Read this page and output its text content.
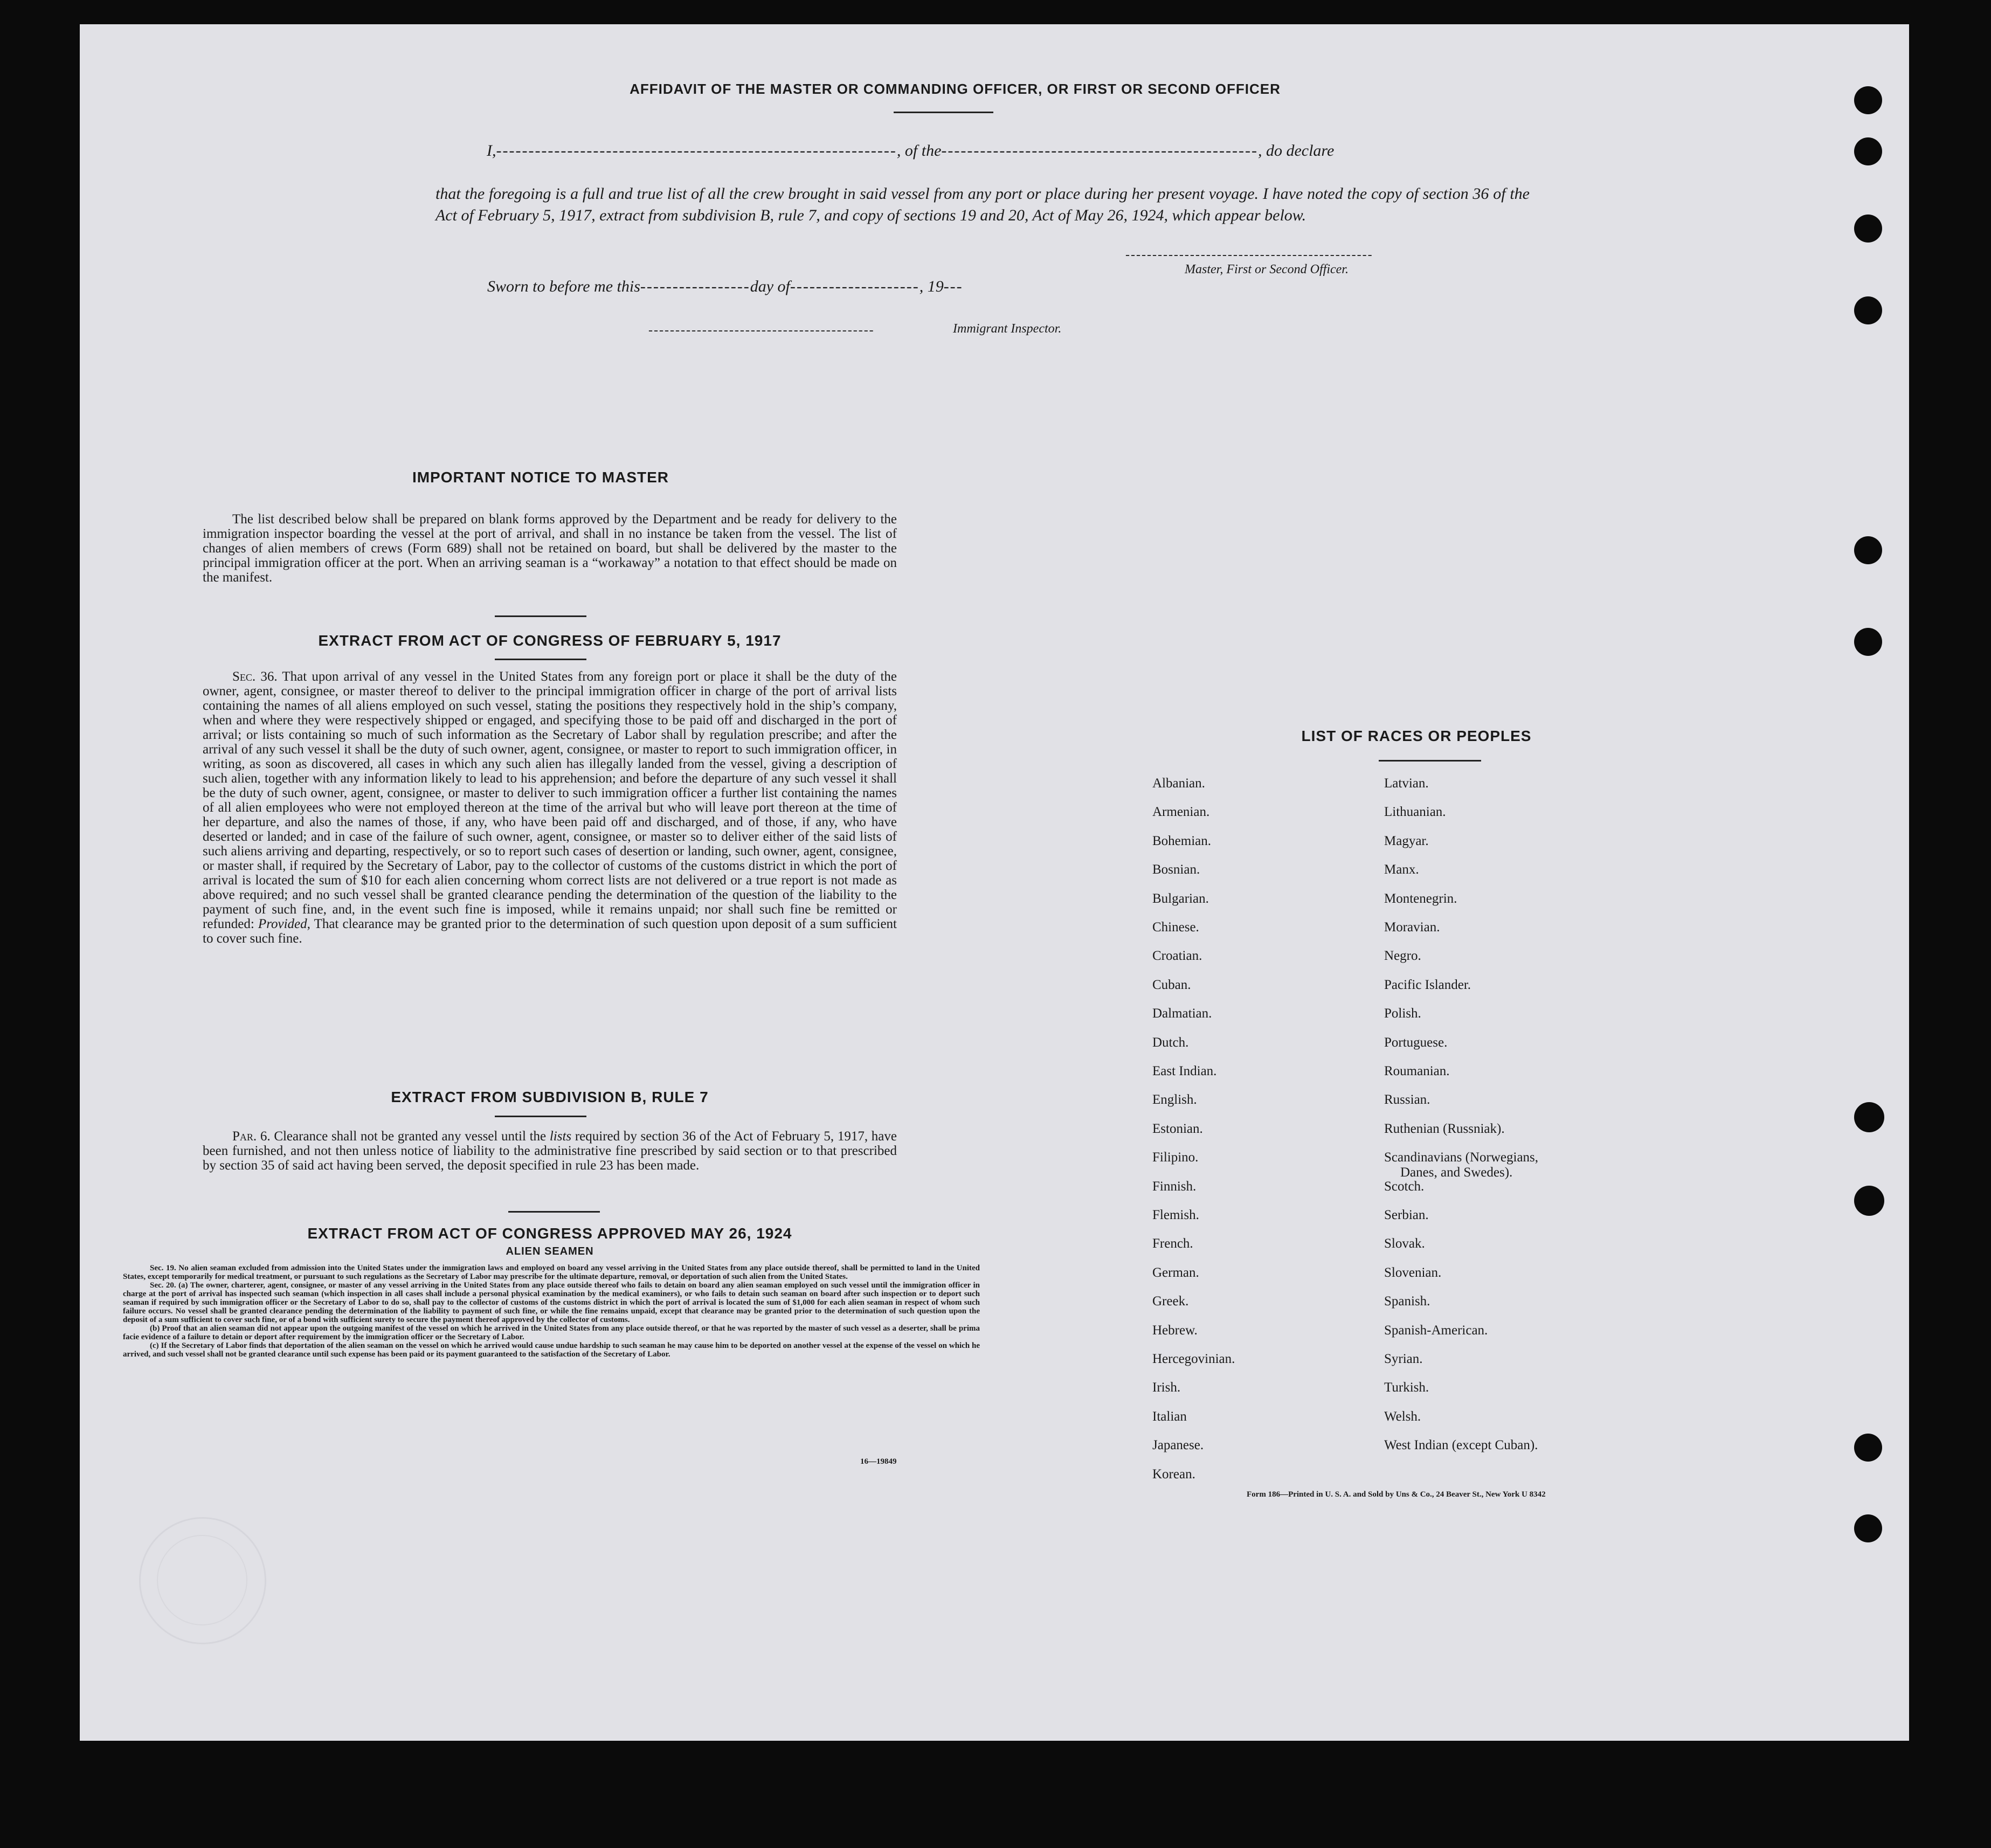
AFFIDAVIT OF THE MASTER OR COMMANDING OFFICER, OR FIRST OR SECOND OFFICER
I,--------------------------------------------------------------, of the-------------------------------------------------, do declare
that the foregoing is a full and true list of all the crew brought in said vessel from any port or place during her present voyage. I have noted the copy of section 36 of the Act of February 5, 1917, extract from subdivision B, rule 7, and copy of sections 19 and 20, Act of May 26, 1924, which appear below.
----------------------------------------------
Master, First or Second Officer.
Sworn to before me this-----------------day of--------------------, 19---
------------------------------------------	Immigrant Inspector.
IMPORTANT NOTICE TO MASTER

The list described below shall be prepared on blank forms approved by the Department and be ready for delivery to the immigration inspector boarding the vessel at the port of arrival, and shall in no instance be taken from the vessel. The list of changes of alien members of crews (Form 689) shall not be retained on board, but shall be delivered by the master to the principal immigration officer at the port. When an arriving seaman is a “workaway” a notation to that effect should be made on the manifest.

EXTRACT FROM ACT OF CONGRESS OF FEBRUARY 5, 1917

Sec. 36. That upon arrival of any vessel in the United States from any foreign port or place it shall be the duty of the owner, agent, consignee, or master thereof to deliver to the principal immigration officer in charge of the port of arrival lists containing the names of all aliens employed on such vessel, stating the positions they respectively hold in the ship’s company, when and where they were respectively shipped or engaged, and specifying those to be paid off and discharged in the port of arrival; or lists containing so much of such information as the Secretary of Labor shall by regulation prescribe; and after the arrival of any such vessel it shall be the duty of such owner, agent, consignee, or master to report to such immigration officer, in writing, as soon as discovered, all cases in which any such alien has illegally landed from the vessel, giving a description of such alien, together with any information likely to lead to his apprehension; and before the departure of any such vessel it shall be the duty of such owner, agent, consignee, or master to deliver to such immigration officer a further list containing the names of all alien employees who were not employed thereon at the time of the arrival but who will leave port thereon at the time of her departure, and also the names of those, if any, who have been paid off and discharged, and of those, if any, who have deserted or landed; and in case of the failure of such owner, agent, consignee, or master so to deliver either of the said lists of such aliens arriving and departing, respectively, or so to report such cases of desertion or landing, such owner, agent, consignee, or master shall, if required by the Secretary of Labor, pay to the collector of customs of the customs district in which the port of arrival is located the sum of $10 for each alien concerning whom correct lists are not delivered or a true report is not made as above required; and no such vessel shall be granted clearance pending the determination of the question of the liability to the payment of such fine, and, in the event such fine is imposed, while it remains unpaid; nor shall such fine be remitted or refunded: Provided, That clearance may be granted prior to the determination of such question upon deposit of a sum sufficient to cover such fine.

EXTRACT FROM SUBDIVISION B, RULE 7

Par. 6. Clearance shall not be granted any vessel until the lists required by section 36 of the Act of February 5, 1917, have been furnished, and not then unless notice of liability to the administrative fine prescribed by said section or to that prescribed by section 35 of said act having been served, the deposit specified in rule 23 has been made.

EXTRACT FROM ACT OF CONGRESS APPROVED MAY 26, 1924
ALIEN SEAMEN

Sec. 19. No alien seaman excluded from admission into the United States under the immigration laws and employed on board any vessel arriving in the United States from any place outside thereof, shall be permitted to land in the United States, except temporarily for medical treatment, or pursuant to such regulations as the Secretary of Labor may prescribe for the ultimate departure, removal, or deportation of such alien from the United States.

Sec. 20. (a) The owner, charterer, agent, consignee, or master of any vessel arriving in the United States from any place outside thereof who fails to detain on board any alien seaman employed on such vessel until the immigration officer in charge at the port of arrival has inspected such seaman (which inspection in all cases shall include a personal physical examination by the medical examiners), or who fails to detain such seaman on board after such inspection or to deport such seaman if required by such immigration officer or the Secretary of Labor to do so, shall pay to the collector of customs of the customs district in which the port of arrival is located the sum of $1,000 for each alien seaman in respect of whom such failure occurs. No vessel shall be granted clearance pending the determination of the liability to payment of such fine, or while the fine remains unpaid, except that clearance may be granted prior to the determination of such question upon the deposit of a sum sufficient to cover such fine, or of a bond with sufficient surety to secure the payment thereof approved by the collector of customs.

(b) Proof that an alien seaman did not appear upon the outgoing manifest of the vessel on which he arrived in the United States from any place outside thereof, or that he was reported by the master of such vessel as a deserter, shall be prima facie evidence of a failure to detain or deport after requirement by the immigration officer or the Secretary of Labor.

(c) If the Secretary of Labor finds that deportation of the alien seaman on the vessel on which he arrived would cause undue hardship to such seaman he may cause him to be deported on another vessel at the expense of the vessel on which he arrived, and such vessel shall not be granted clearance until such expense has been paid or its payment guaranteed to the satisfaction of the Secretary of Labor.

16—19849
LIST OF RACES OR PEOPLES
Form 186—Printed in U. S. A. and Sold by Uns & Co., 24 Beaver St., New York U 8342
Albanian.
Armenian.
Bohemian.
Bosnian.
Bulgarian.
Chinese.
Croatian.
Cuban.
Dalmatian.
Dutch.
East Indian.
English.
Estonian.
Filipino.
Finnish.
Flemish.
French.
German.
Greek.
Hebrew.
Hercegovinian.
Irish.
Italian
Japanese.
Korean.
Latvian.
Lithuanian.
Magyar.
Manx.
Montenegrin.
Moravian.
Negro.
Pacific Islander.
Polish.
Portuguese.
Roumanian.
Russian.
Ruthenian (Russniak).
Scandinavians (Norwegians,
Danes, and Swedes).
Scotch.
Serbian.
Slovak.
Slovenian.
Spanish.
Spanish-American.
Syrian.
Turkish.
Welsh.
West Indian (except Cuban).
